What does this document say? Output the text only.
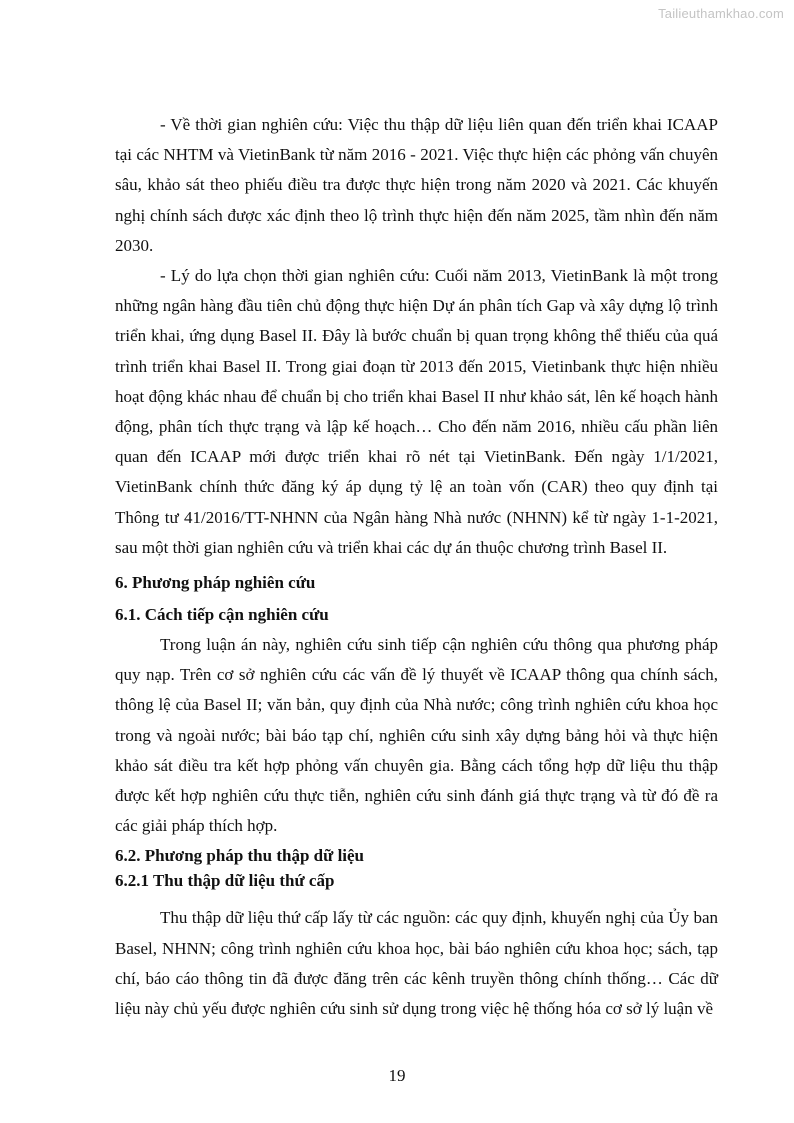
Tailieuthamkhao.com

- Về thời gian nghiên cứu: Việc thu thập dữ liệu liên quan đến triển khai ICAAP tại các NHTM và VietinBank từ năm 2016 - 2021. Việc thực hiện các phỏng vấn chuyên sâu, khảo sát theo phiếu điều tra được thực hiện trong năm 2020 và 2021. Các khuyến nghị chính sách được xác định theo lộ trình thực hiện đến năm 2025, tầm nhìn đến năm 2030.

- Lý do lựa chọn thời gian nghiên cứu: Cuối năm 2013, VietinBank là một trong những ngân hàng đầu tiên chủ động thực hiện Dự án phân tích Gap và xây dựng lộ trình triển khai, ứng dụng Basel II. Đây là bước chuẩn bị quan trọng không thể thiếu của quá trình triển khai Basel II. Trong giai đoạn từ 2013 đến 2015, Vietinbank thực hiện nhiều hoạt động khác nhau để chuẩn bị cho triển khai Basel II như khảo sát, lên kế hoạch hành động, phân tích thực trạng và lập kế hoạch… Cho đến năm 2016, nhiều cấu phần liên quan đến ICAAP mới được triển khai rõ nét tại VietinBank. Đến ngày 1/1/2021, VietinBank chính thức đăng ký áp dụng tỷ lệ an toàn vốn (CAR) theo quy định tại Thông tư 41/2016/TT-NHNN của Ngân hàng Nhà nước (NHNN) kể từ ngày 1-1-2021, sau một thời gian nghiên cứu và triển khai các dự án thuộc chương trình Basel II.

6. Phương pháp nghiên cứu

6.1. Cách tiếp cận nghiên cứu

Trong luận án này, nghiên cứu sinh tiếp cận nghiên cứu thông qua phương pháp quy nạp. Trên cơ sở nghiên cứu các vấn đề lý thuyết về ICAAP thông qua chính sách, thông lệ của Basel II; văn bản, quy định của Nhà nước; công trình nghiên cứu khoa học trong và ngoài nước; bài báo tạp chí, nghiên cứu sinh xây dựng bảng hỏi và thực hiện khảo sát điều tra kết hợp phỏng vấn chuyên gia. Bằng cách tổng hợp dữ liệu thu thập được kết hợp nghiên cứu thực tiễn, nghiên cứu sinh đánh giá thực trạng và từ đó đề ra các giải pháp thích hợp.

6.2. Phương pháp thu thập dữ liệu

6.2.1 Thu thập dữ liệu thứ cấp

Thu thập dữ liệu thứ cấp lấy từ các nguồn: các quy định, khuyến nghị của Ủy ban Basel, NHNN; công trình nghiên cứu khoa học, bài báo nghiên cứu khoa học; sách, tạp chí, báo cáo thông tin đã được đăng trên các kênh truyền thông chính thống… Các dữ liệu này chủ yếu được nghiên cứu sinh sử dụng trong việc hệ thống hóa cơ sở lý luận về

19
